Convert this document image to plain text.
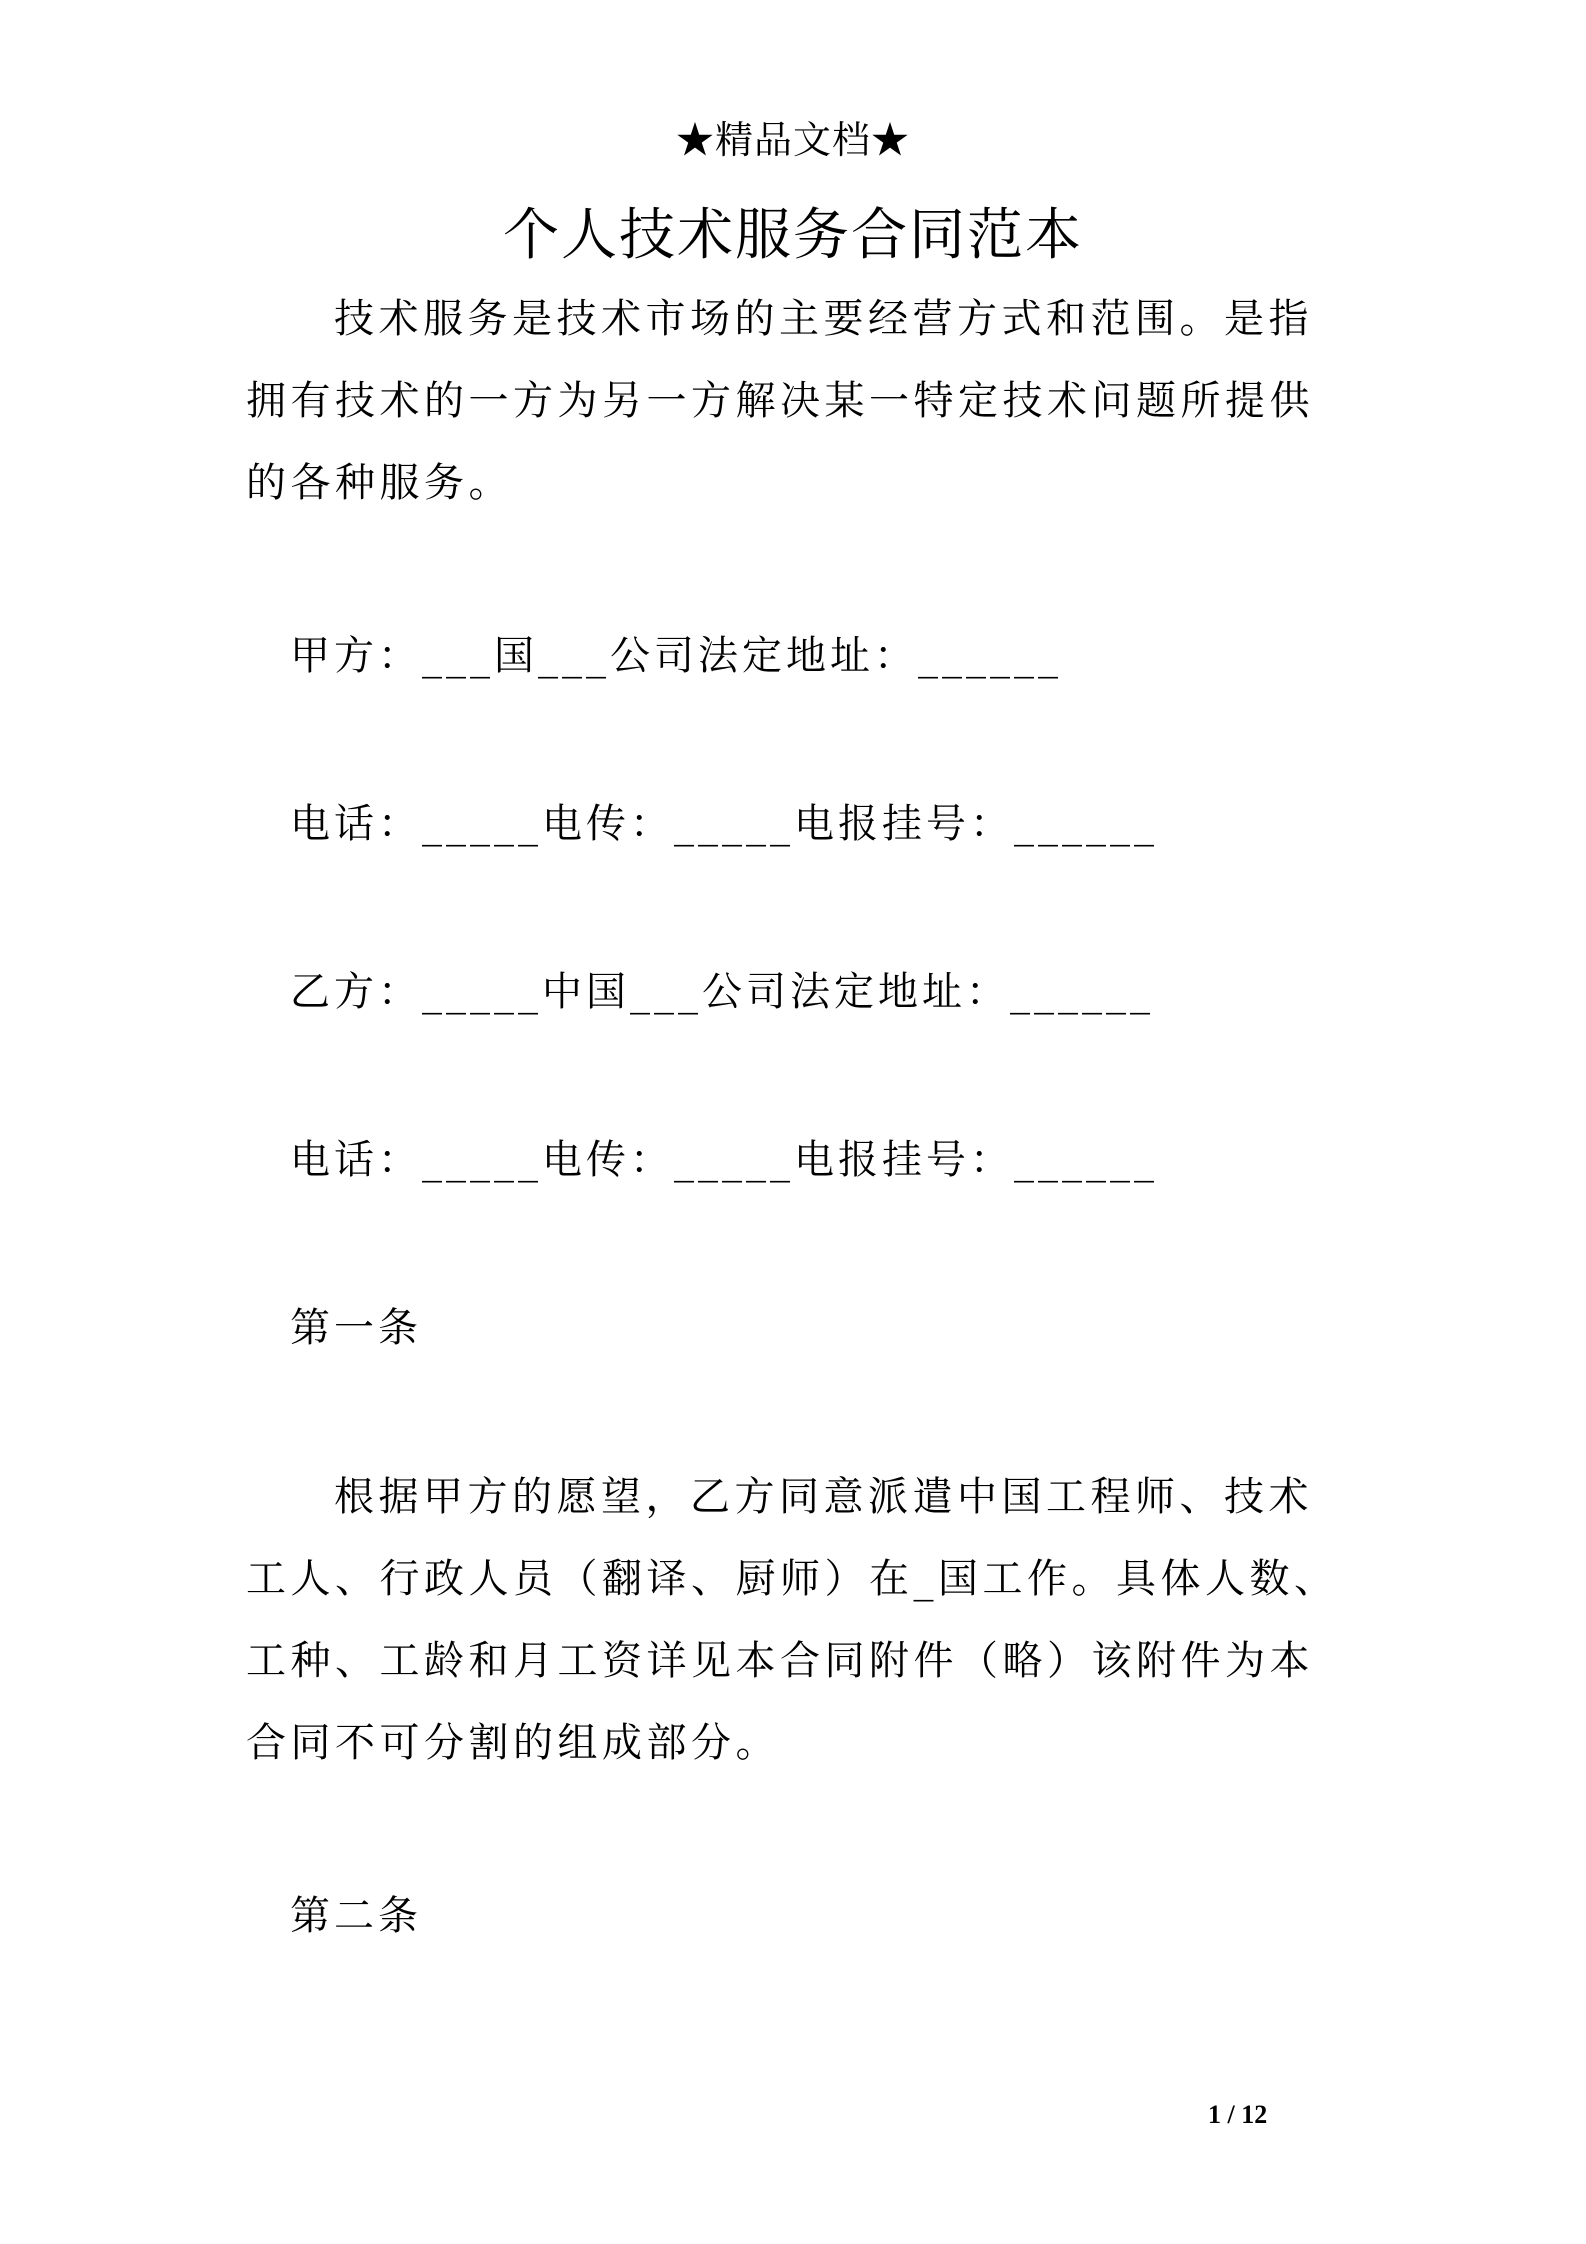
★精品文档★
个人技术服务合同范本

技术服务是技术市场的主要经营方式和范围。是指拥有技术的一方为另一方解决某一特定技术问题所提供的各种服务。

甲方：___国___公司法定地址：______

电话：_____电传：_____电报挂号：______

乙方：_____中国___公司法定地址：______

电话：_____电传：_____电报挂号：______

第一条

根据甲方的愿望，乙方同意派遣中国工程师、技术工人、行政人员（翻译、厨师）在_国工作。具体人数、工种、工龄和月工资详见本合同附件（略）该附件为本合同不可分割的组成部分。

第二条

1 / 12
